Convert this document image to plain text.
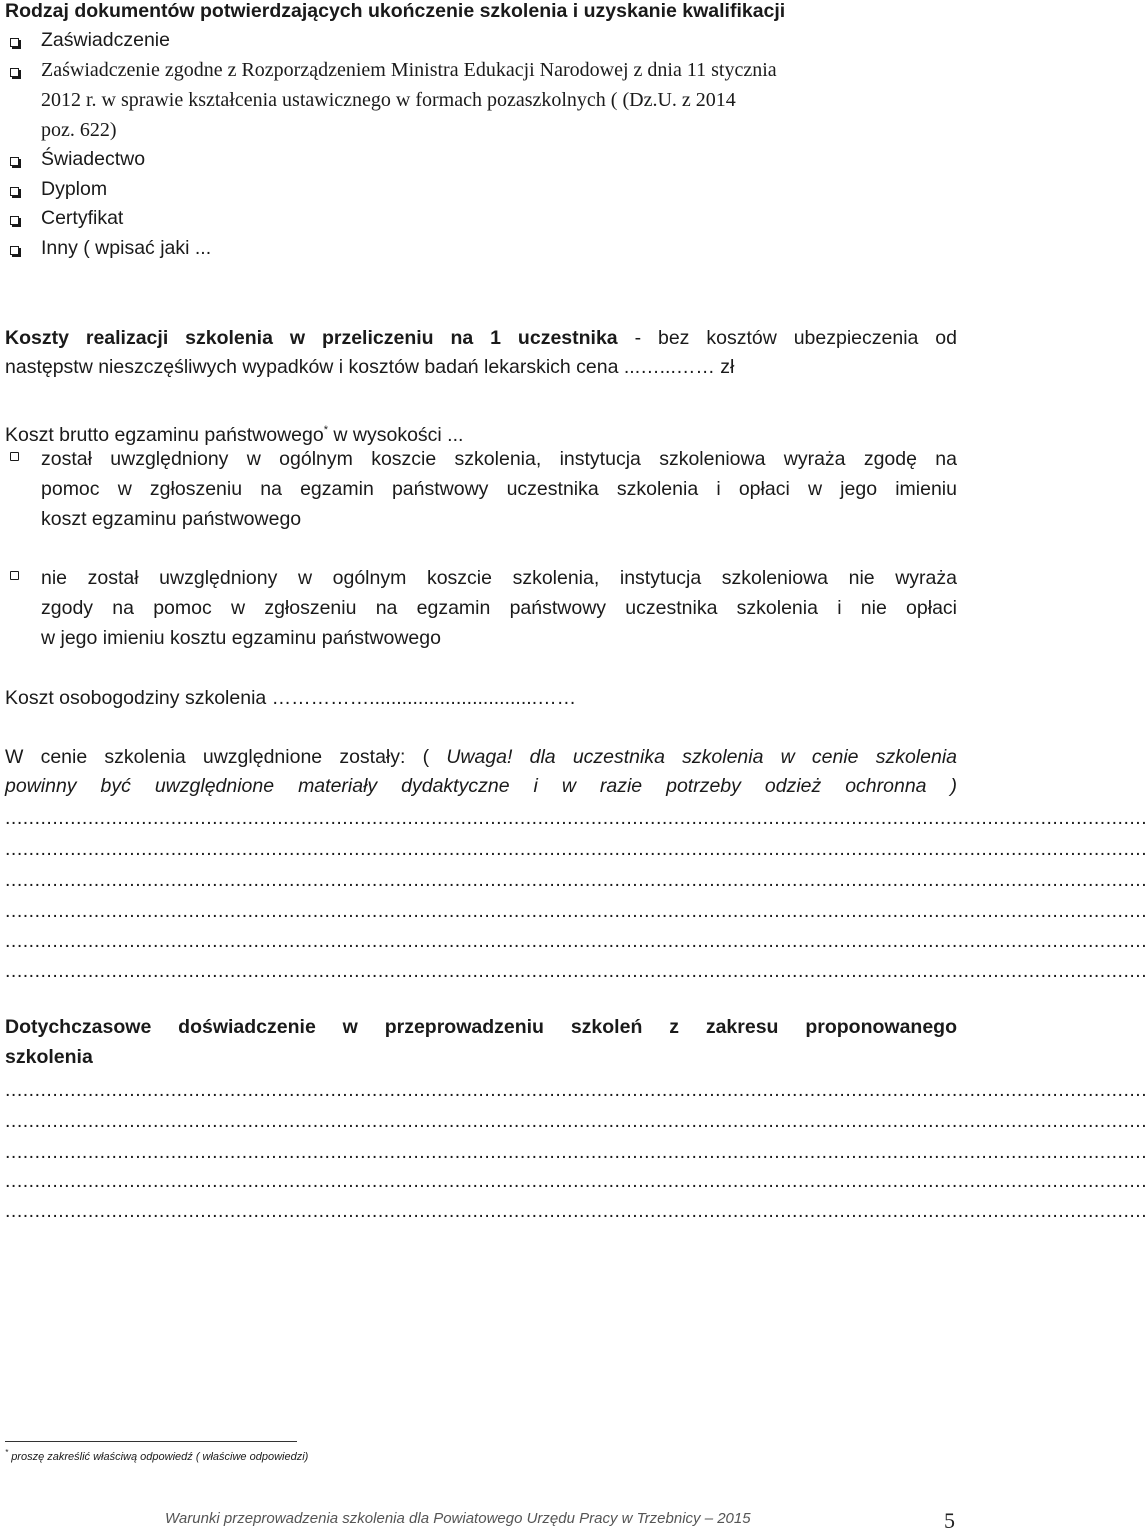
Rodzaj dokumentów potwierdzających ukończenie szkolenia i uzyskanie kwalifikacji
Zaświadczenie
Zaświadczenie zgodne z Rozporządzeniem Ministra Edukacji Narodowej z dnia 11 stycznia
2012 r. w sprawie kształcenia ustawicznego w formach pozaszkolnych ( (Dz.U. z 2014
poz. 622)
Świadectwo
Dyplom
Certyfikat
Inny ( wpisać jaki ...
Koszty realizacji szkolenia w przeliczeniu na 1 uczestnika - bez kosztów ubezpieczenia od
następstw nieszczęśliwych wypadków i kosztów badań lekarskich cena ...…...…… zł
Koszt brutto egzaminu państwowego* w wysokości ...
został uwzględniony w ogólnym koszcie szkolenia, instytucja szkoleniowa wyraża zgodę na
pomoc w zgłoszeniu na egzamin państwowy uczestnika szkolenia i opłaci w jego imieniu
koszt egzaminu państwowego
nie został uwzględniony w ogólnym koszcie szkolenia, instytucja szkoleniowa nie wyraża
zgody na pomoc w zgłoszeniu na egzamin państwowy uczestnika szkolenia i nie opłaci
w jego imieniu kosztu egzaminu państwowego
Koszt osobogodziny szkolenia ……………...............................……
W cenie szkolenia uwzględnione zostały: ( Uwaga! dla uczestnika szkolenia w cenie szkolenia
powinny być uwzględnione materiały dydaktyczne i w razie potrzeby odzież ochronna )
.................................................................................................................................................................................................
.................................................................................................................................................................................................
.................................................................................................................................................................................................
.................................................................................................................................................................................................
.................................................................................................................................................................................................
.................................................................................................................................................................................................
Dotychczasowe doświadczenie w przeprowadzeniu szkoleń z zakresu proponowanego
szkolenia
.................................................................................................................................................................................................
.................................................................................................................................................................................................
.................................................................................................................................................................................................
.................................................................................................................................................................................................
.................................................................................................................................................................................................
* proszę zakreślić właściwą odpowiedź ( właściwe odpowiedzi)
Warunki przeprowadzenia szkolenia dla Powiatowego Urzędu Pracy w Trzebnicy – 2015	5
